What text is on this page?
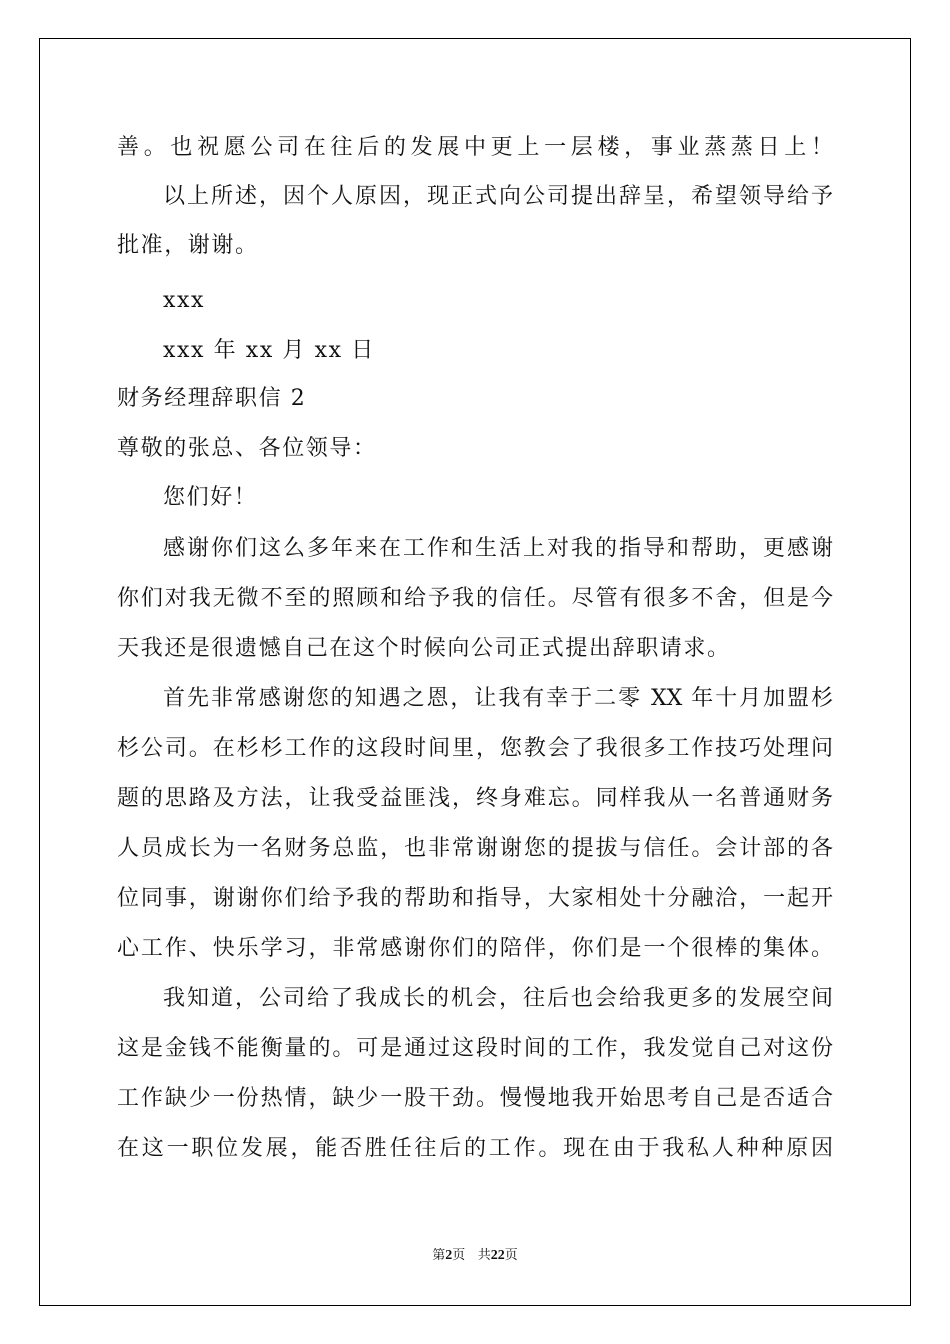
善。也祝愿公司在往后的发展中更上一层楼，事业蒸蒸日上！
以上所述，因个人原因，现正式向公司提出辞呈，希望领导给予
批准，谢谢。
xxx
xxx 年 xx 月 xx 日
财务经理辞职信 2
尊敬的张总、各位领导：
您们好！
感谢你们这么多年来在工作和生活上对我的指导和帮助，更感谢
你们对我无微不至的照顾和给予我的信任。尽管有很多不舍，但是今
天我还是很遗憾自己在这个时候向公司正式提出辞职请求。
首先非常感谢您的知遇之恩，让我有幸于二零 XX 年十月加盟杉
杉公司。在杉杉工作的这段时间里，您教会了我很多工作技巧处理问
题的思路及方法，让我受益匪浅，终身难忘。同样我从一名普通财务
人员成长为一名财务总监，也非常谢谢您的提拔与信任。会计部的各
位同事，谢谢你们给予我的帮助和指导，大家相处十分融洽，一起开
心工作、快乐学习，非常感谢你们的陪伴，你们是一个很棒的集体。
我知道，公司给了我成长的机会，往后也会给我更多的发展空间
这是金钱不能衡量的。可是通过这段时间的工作，我发觉自己对这份
工作缺少一份热情，缺少一股干劲。慢慢地我开始思考自己是否适合
在这一职位发展，能否胜任往后的工作。现在由于我私人种种原因
第2页 共22页
